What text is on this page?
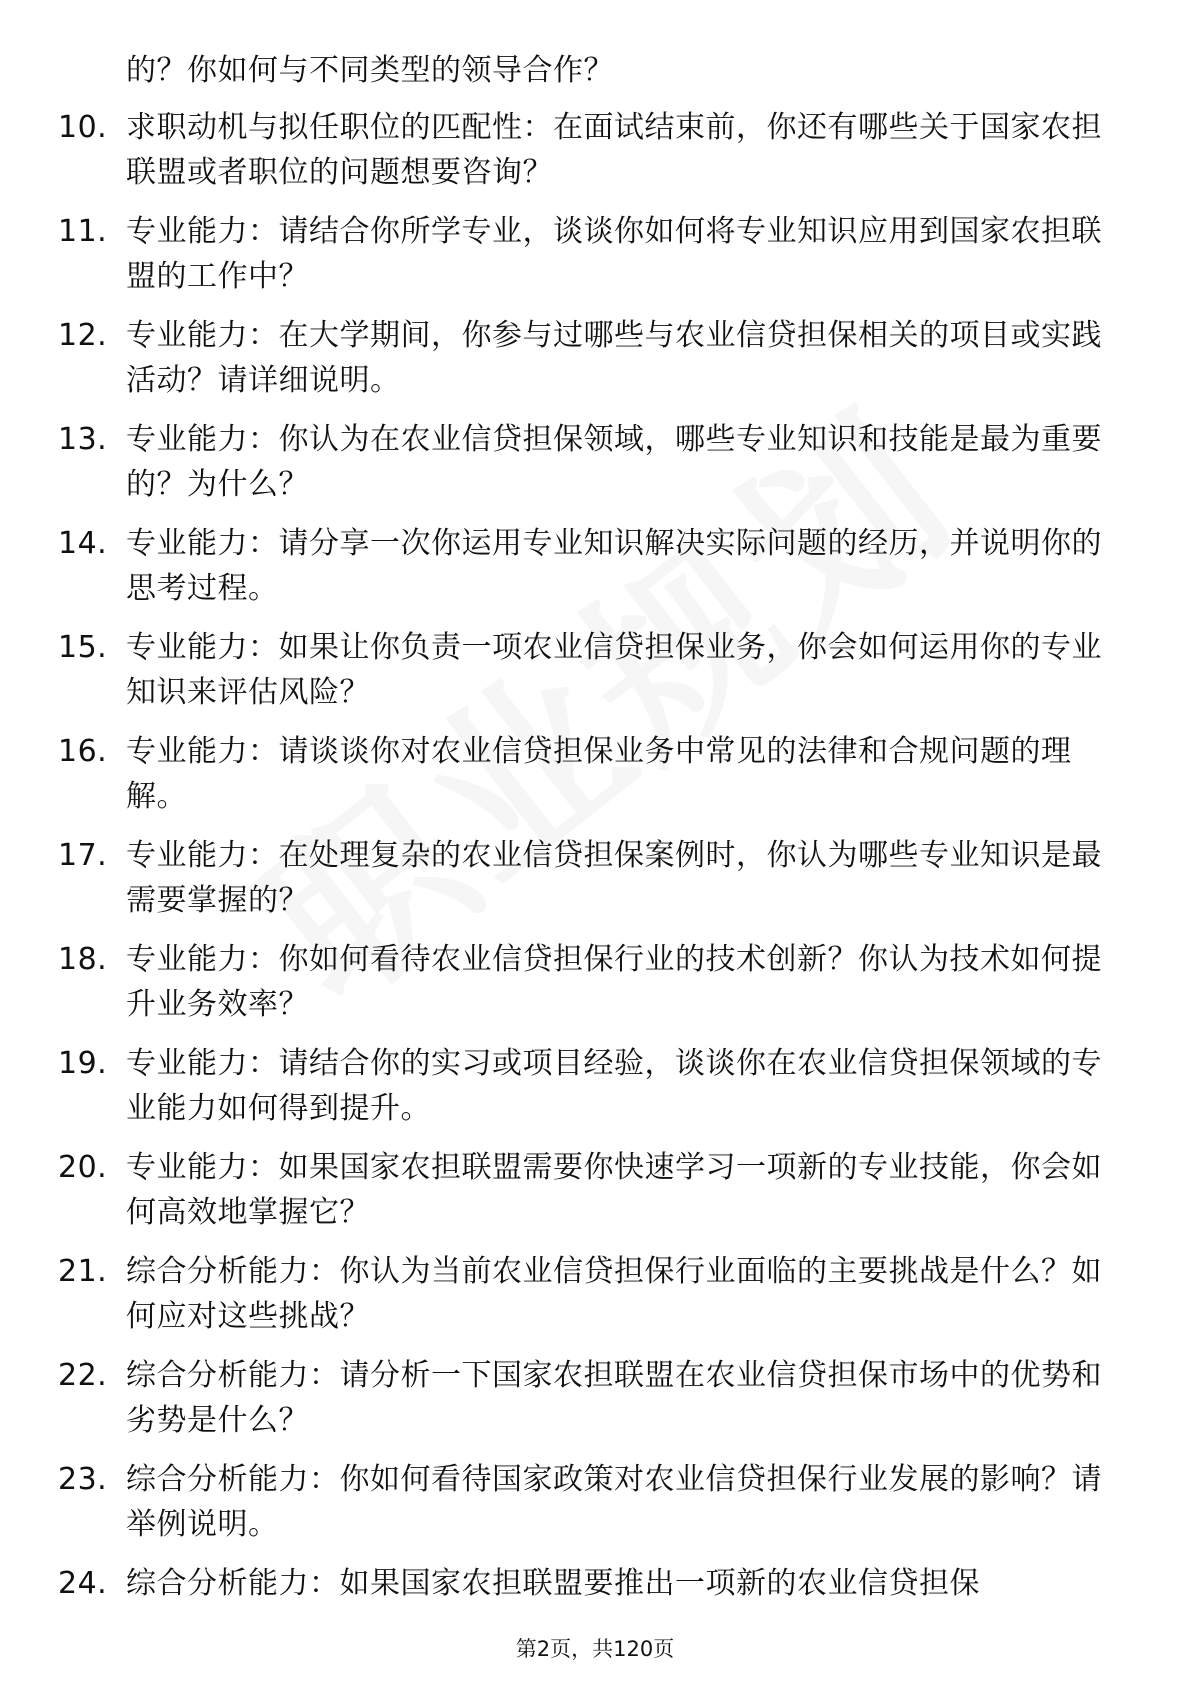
的？你如何与不同类型的领导合作？
10. 求职动机与拟任职位的匹配性：在面试结束前，你还有哪些关于国家农担联盟或者职位的问题想要咨询？
11. 专业能力：请结合你所学专业，谈谈你如何将专业知识应用到国家农担联盟的工作中？
12. 专业能力：在大学期间，你参与过哪些与农业信贷担保相关的项目或实践活动？请详细说明。
13. 专业能力：你认为在农业信贷担保领域，哪些专业知识和技能是最为重要的？为什么？
14. 专业能力：请分享一次你运用专业知识解决实际问题的经历，并说明你的思考过程。
15. 专业能力：如果让你负责一项农业信贷担保业务，你会如何运用你的专业知识来评估风险？
16. 专业能力：请谈谈你对农业信贷担保业务中常见的法律和合规问题的理解。
17. 专业能力：在处理复杂的农业信贷担保案例时，你认为哪些专业知识是最需要掌握的？
18. 专业能力：你如何看待农业信贷担保行业的技术创新？你认为技术如何提升业务效率？
19. 专业能力：请结合你的实习或项目经验，谈谈你在农业信贷担保领域的专业能力如何得到提升。
20. 专业能力：如果国家农担联盟需要你快速学习一项新的专业技能，你会如何高效地掌握它？
21. 综合分析能力：你认为当前农业信贷担保行业面临的主要挑战是什么？如何应对这些挑战？
22. 综合分析能力：请分析一下国家农担联盟在农业信贷担保市场中的优势和劣势是什么？
23. 综合分析能力：你如何看待国家政策对农业信贷担保行业发展的影响？请举例说明。
24. 综合分析能力：如果国家农担联盟要推出一项新的农业信贷担保
第2页，共120页
